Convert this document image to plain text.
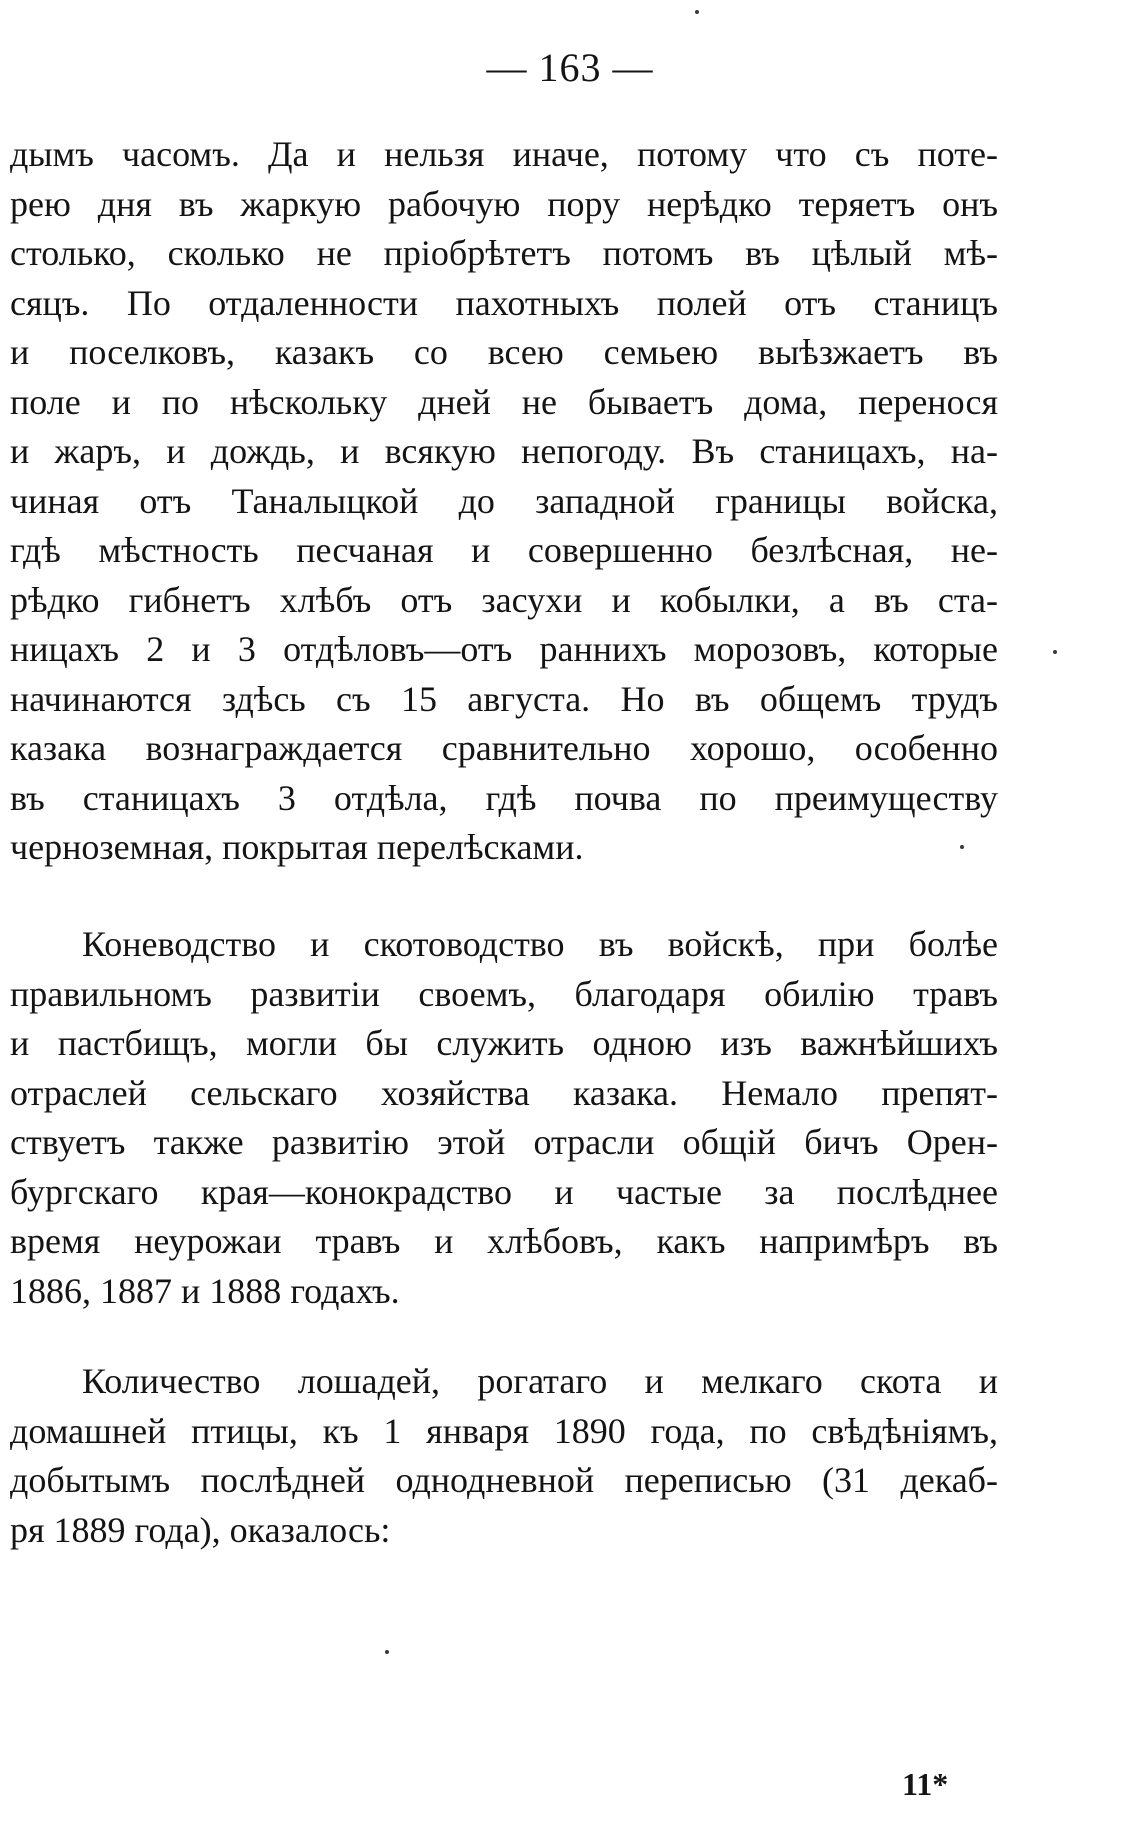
— 163 —
дымъ часомъ. Да и нельзя иначе, потому что съ поте-
рею дня въ жаркую рабочую пору нерѣдко теряетъ онъ
столько, сколько не пріобрѣтетъ потомъ въ цѣлый мѣ-
сяцъ. По отдаленности пахотныхъ полей отъ станицъ
и поселковъ, казакъ со всею семьею выѣзжаетъ въ
поле и по нѣскольку дней не бываетъ дома, перенося
и жаръ, и дождь, и всякую непогоду. Въ станицахъ, на-
чиная отъ Таналыцкой до западной границы войска,
гдѣ мѣстность песчаная и совершенно безлѣсная, не-
рѣдко гибнетъ хлѣбъ отъ засухи и кобылки, а въ ста-
ницахъ 2 и 3 отдѣловъ—отъ раннихъ морозовъ, которые
начинаются здѣсь съ 15 августа. Но въ общемъ трудъ
казака вознаграждается сравнительно хорошо, особенно
въ станицахъ 3 отдѣла, гдѣ почва по преимуществу
черноземная, покрытая перелѣсками.
Коневодство и скотоводство въ войскѣ, при болѣе
правильномъ развитіи своемъ, благодаря обилію травъ
и пастбищъ, могли бы служить одною изъ важнѣйшихъ
отраслей сельскаго хозяйства казака. Немало препят-
ствуетъ также развитію этой отрасли общій бичъ Орен-
бургскаго края—конокрадство и частые за послѣднее
время неурожаи травъ и хлѣбовъ, какъ напримѣръ въ
1886, 1887 и 1888 годахъ.
Количество лошадей, рогатаго и мелкаго скота и
домашней птицы, къ 1 января 1890 года, по свѣдѣніямъ,
добытымъ послѣдней однодневной переписью (31 декаб-
ря 1889 года), оказалось:
11*
